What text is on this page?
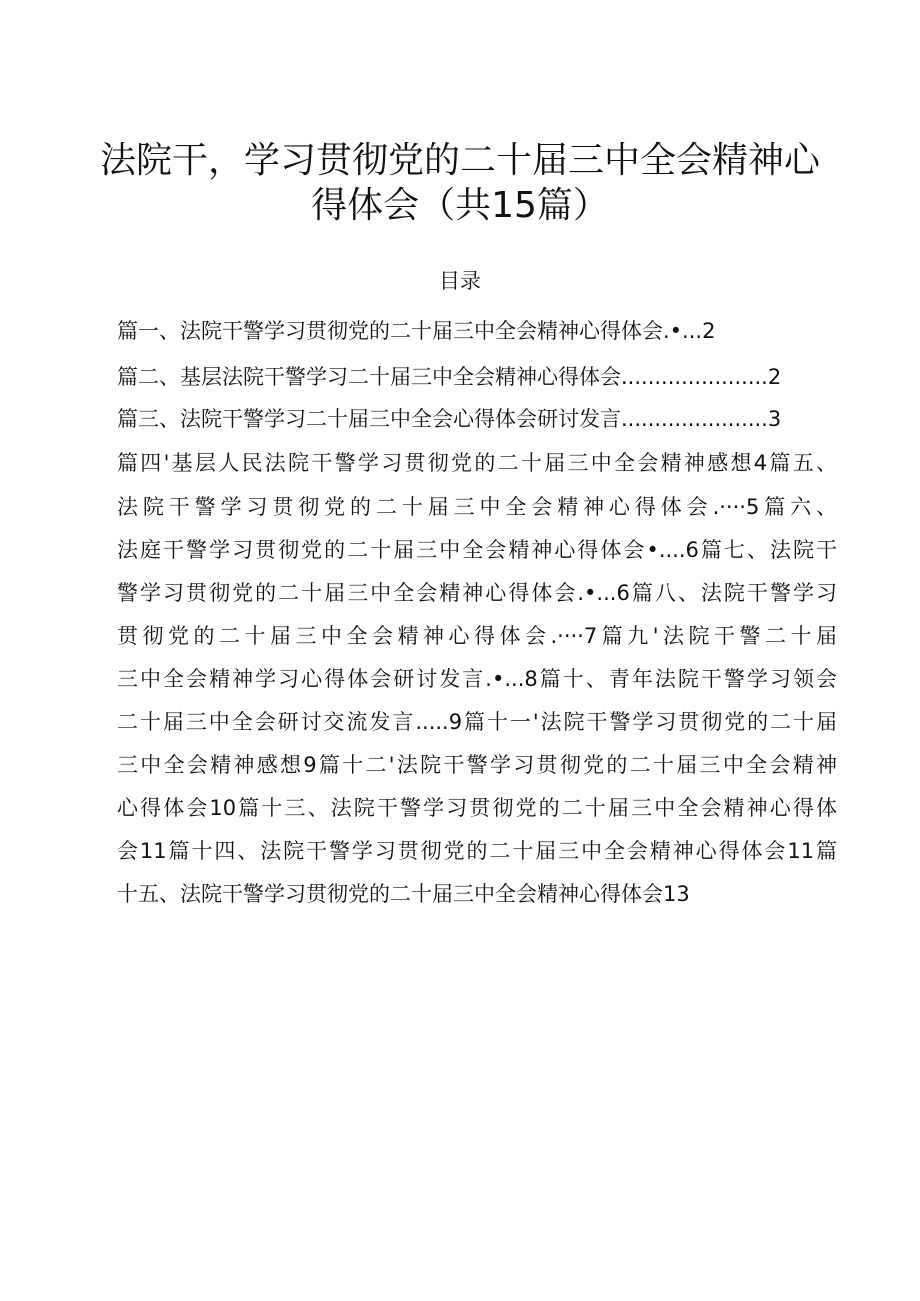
法院干，学习贯彻党的二十届三中全会精神心
得体会（共15篇）
目录
篇一、法院干警学习贯彻党的二十届三中全会精神心得体会.•...2
篇二、基层法院干警学习二十届三中全会精神心得体会......................2
篇三、法院干警学习二十届三中全会心得体会研讨发言......................3
篇四'基层人民法院干警学习贯彻党的二十届三中全会精神感想4篇五、
法院干警学习贯彻党的二十届三中全会精神心得体会.····5篇六、
法庭干警学习贯彻党的二十届三中全会精神心得体会•....6篇七、法院干
警学习贯彻党的二十届三中全会精神心得体会.•...6篇八、法院干警学习
贯彻党的二十届三中全会精神心得体会.····7篇九'法院干警二十届
三中全会精神学习心得体会研讨发言.•...8篇十、青年法院干警学习领会
二十届三中全会研讨交流发言.....9篇十一'法院干警学习贯彻党的二十届
三中全会精神感想9篇十二'法院干警学习贯彻党的二十届三中全会精神
心得体会10篇十三、法院干警学习贯彻党的二十届三中全会精神心得体
会11篇十四、法院干警学习贯彻党的二十届三中全会精神心得体会11篇
十五、法院干警学习贯彻党的二十届三中全会精神心得体会13
